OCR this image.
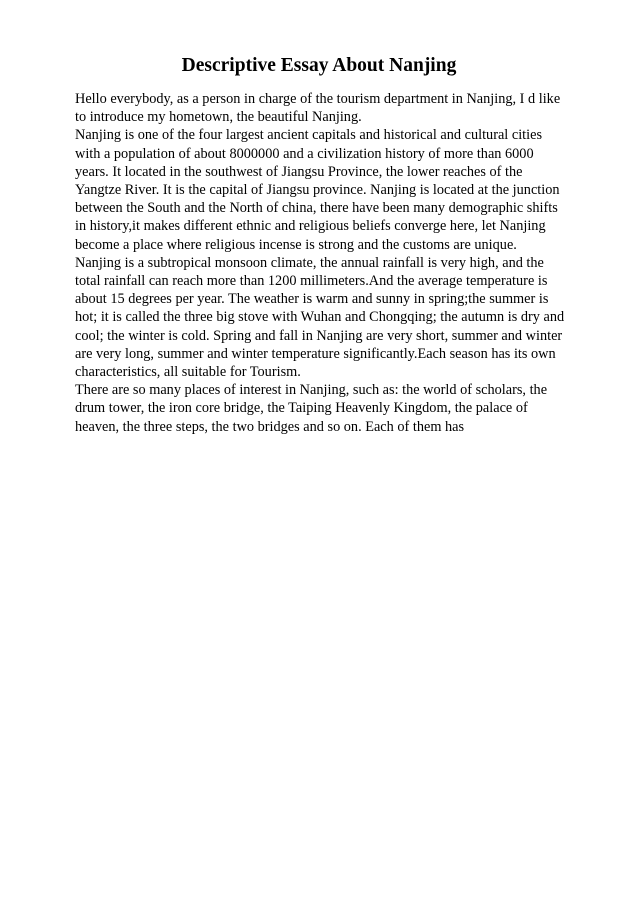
Descriptive Essay About Nanjing

Hello everybody, as a person in charge of the tourism department in Nanjing, I d like to introduce my hometown, the beautiful Nanjing.

Nanjing is one of the four largest ancient capitals and historical and cultural cities with a population of about 8000000 and a civilization history of more than 6000 years. It located in the southwest of Jiangsu Province, the lower reaches of the Yangtze River. It is the capital of Jiangsu province. Nanjing is located at the junction between the South and the North of china, there have been many demographic shifts in history,it makes different ethnic and religious beliefs converge here, let Nanjing become a place where religious incense is strong and the customs are unique.

Nanjing is a subtropical monsoon climate, the annual rainfall is very high, and the total rainfall can reach more than 1200 millimeters.And the average temperature is about 15 degrees per year. The weather is warm and sunny in spring;the summer is hot; it is called the three big stove with Wuhan and Chongqing; the autumn is dry and cool; the winter is cold. Spring and fall in Nanjing are very short, summer and winter are very long, summer and winter temperature significantly.Each season has its own characteristics, all suitable for Tourism.

There are so many places of interest in Nanjing, such as: the world of scholars, the drum tower, the iron core bridge, the Taiping Heavenly Kingdom, the palace of heaven, the three steps, the two bridges and so on. Each of them has
